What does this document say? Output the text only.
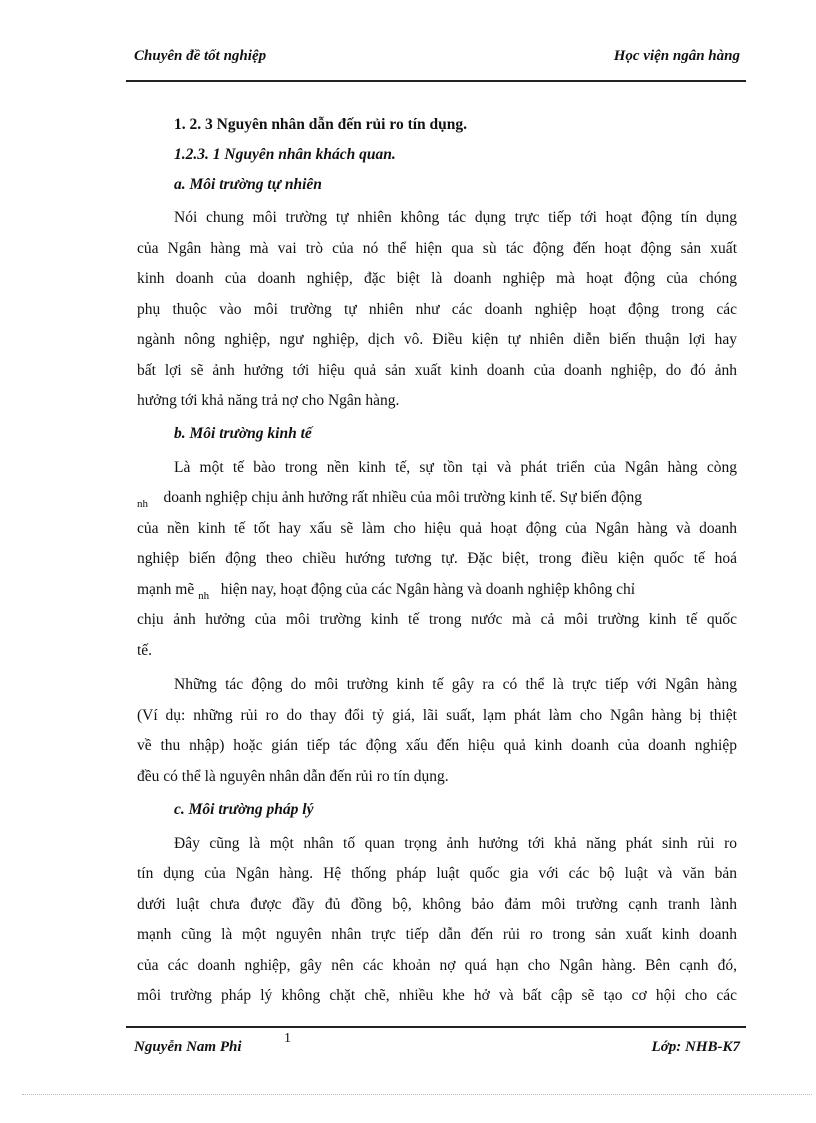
Chuyên đề tốt nghiệp	Học viện ngân hàng
1. 2. 3 Nguyên nhân dẫn đến rủi ro tín dụng.
1.2.3. 1 Nguyên nhân khách quan.
a. Môi trường tự nhiên
Nói chung môi trường tự nhiên không tác dụng trực tiếp tới hoạt động tín dụng
của Ngân hàng mà vai trò của nó thể hiện qua sù tác động đến hoạt động sản xuất
kinh doanh của doanh nghiệp, đặc biệt là doanh nghiệp mà hoạt động của chóng
phụ thuộc vào môi trường tự nhiên như các doanh nghiệp hoạt động trong các
ngành nông nghiệp, ngư nghiệp, dịch vô. Điều kiện tự nhiên diễn biến thuận lợi hay
bất lợi sẽ ảnh hưởng tới hiệu quả sản xuất kinh doanh của doanh nghiệp, do đó ảnh
hưởng tới khả năng trả nợ cho Ngân hàng.
b. Môi trường kinh tế
Là một tế bào trong nền kinh tế, sự tồn tại và phát triển của Ngân hàng còng
$_{nh}$ doanh nghiệp chịu ảnh hưởng rất nhiều của môi trường kinh tế. Sự biến động
của nền kinh tế tốt hay xấu sẽ làm cho hiệu quả hoạt động của Ngân hàng và doanh
nghiệp biến động theo chiều hướng tương tự. Đặc biệt, trong điều kiện quốc tế hoá
mạnh mẽ $_{nh}$ hiện nay, hoạt động của các Ngân hàng và doanh nghiệp không chỉ
chịu ảnh hưởng của môi trường kinh tế trong nước mà cả môi trường kinh tế quốc
tế.
Những tác động do môi trường kinh tế gây ra có thể là trực tiếp với Ngân hàng
(Ví dụ: những rủi ro do thay đổi tỷ giá, lãi suất, lạm phát làm cho Ngân hàng bị thiệt
về thu nhập) hoặc gián tiếp tác động xấu đến hiệu quả kinh doanh của doanh nghiệp
đều có thể là nguyên nhân dẫn đến rủi ro tín dụng.
c. Môi trường pháp lý
Đây cũng là một nhân tố quan trọng ảnh hưởng tới khả năng phát sinh rủi ro
tín dụng của Ngân hàng. Hệ thống pháp luật quốc gia với các bộ luật và văn bản
dưới luật chưa được đầy đủ đồng bộ, không bảo đảm môi trường cạnh tranh lành
mạnh cũng là một nguyên nhân trực tiếp dẫn đến rủi ro trong sản xuất kinh doanh
của các doanh nghiệp, gây nên các khoản nợ quá hạn cho Ngân hàng. Bên cạnh đó,
môi trường pháp lý không chặt chẽ, nhiều khe hở và bất cập sẽ tạo cơ hội cho các
Nguyễn Nam Phi
1
Lớp: NHB-K7
